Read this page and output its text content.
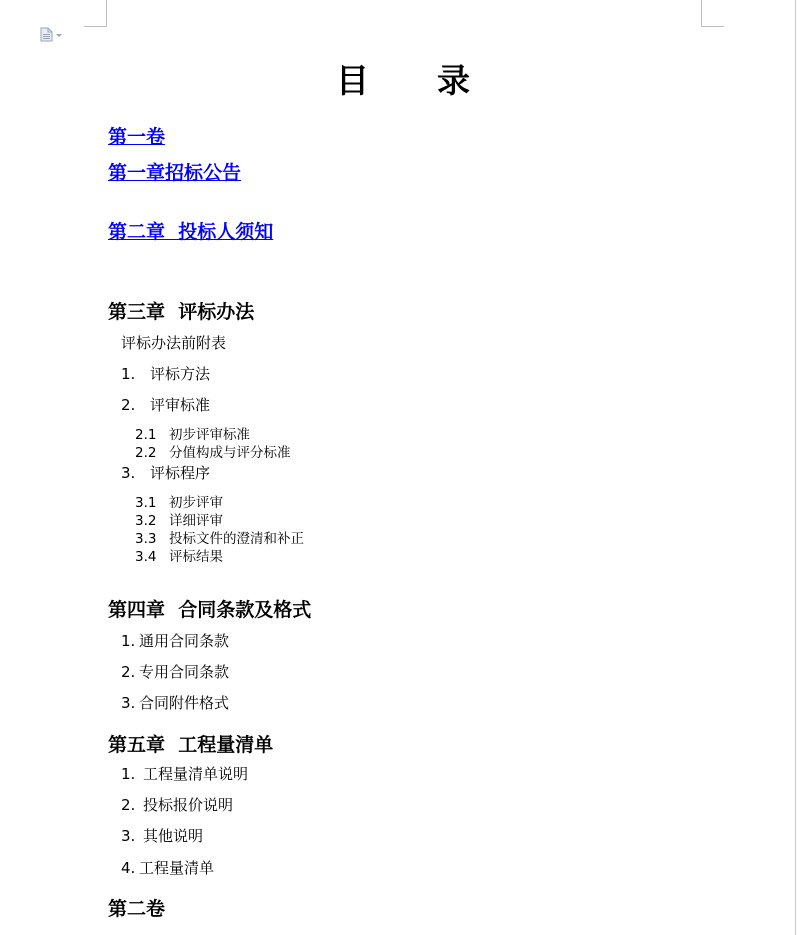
目录
第一卷
第一章招标公告
第二章  投标人须知
第三章  评标办法
评标办法前附表
1. 评标方法
2. 评审标准
2.1 初步评审标准
2.2 分值构成与评分标准
3. 评标程序
3.1 初步评审
3.2 详细评审
3.3 投标文件的澄清和补正
3.4 评标结果
第四章  合同条款及格式
1. 通用合同条款
2. 专用合同条款
3. 合同附件格式
第五章  工程量清单
1. 工程量清单说明
2. 投标报价说明
3. 其他说明
4. 工程量清单
第二卷
